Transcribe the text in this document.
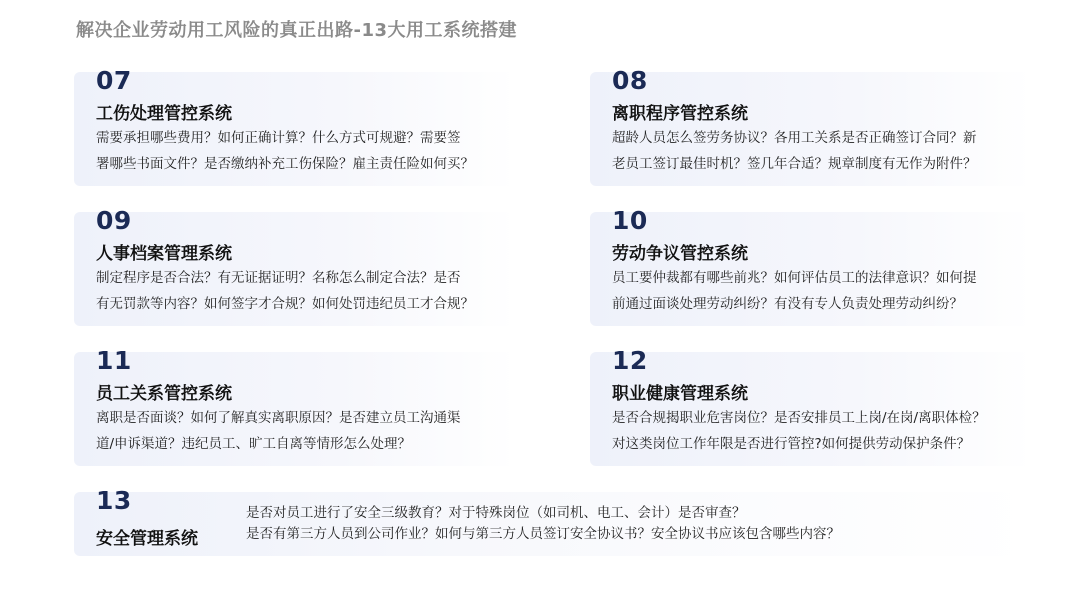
解决企业劳动用工风险的真正出路-13大用工系统搭建
07
工伤处理管控系统
需要承担哪些费用？如何正确计算？什么方式可规避？需要签
署哪些书面文件？是否缴纳补充工伤保险？雇主责任险如何买？
08
离职程序管控系统
超龄人员怎么签劳务协议？各用工关系是否正确签订合同？新
老员工签订最佳时机？签几年合适？规章制度有无作为附件？
09
人事档案管理系统
制定程序是否合法？有无证据证明？名称怎么制定合法？是否
有无罚款等内容？如何签字才合规？如何处罚违纪员工才合规？
10
劳动争议管控系统
员工要仲裁都有哪些前兆？如何评估员工的法律意识？如何提
前通过面谈处理劳动纠纷？有没有专人负责处理劳动纠纷？
11
员工关系管控系统
离职是否面谈？如何了解真实离职原因？是否建立员工沟通渠
道/申诉渠道？违纪员工、旷工自离等情形怎么处理？
12
职业健康管理系统
是否合规揭职业危害岗位？是否安排员工上岗/在岗/离职体检？
对这类岗位工作年限是否进行管控?如何提供劳动保护条件？
13
安全管理系统
是否对员工进行了安全三级教育？对于特殊岗位（如司机、电工、会计）是否审查？
是否有第三方人员到公司作业？如何与第三方人员签订安全协议书？安全协议书应该包含哪些内容？
